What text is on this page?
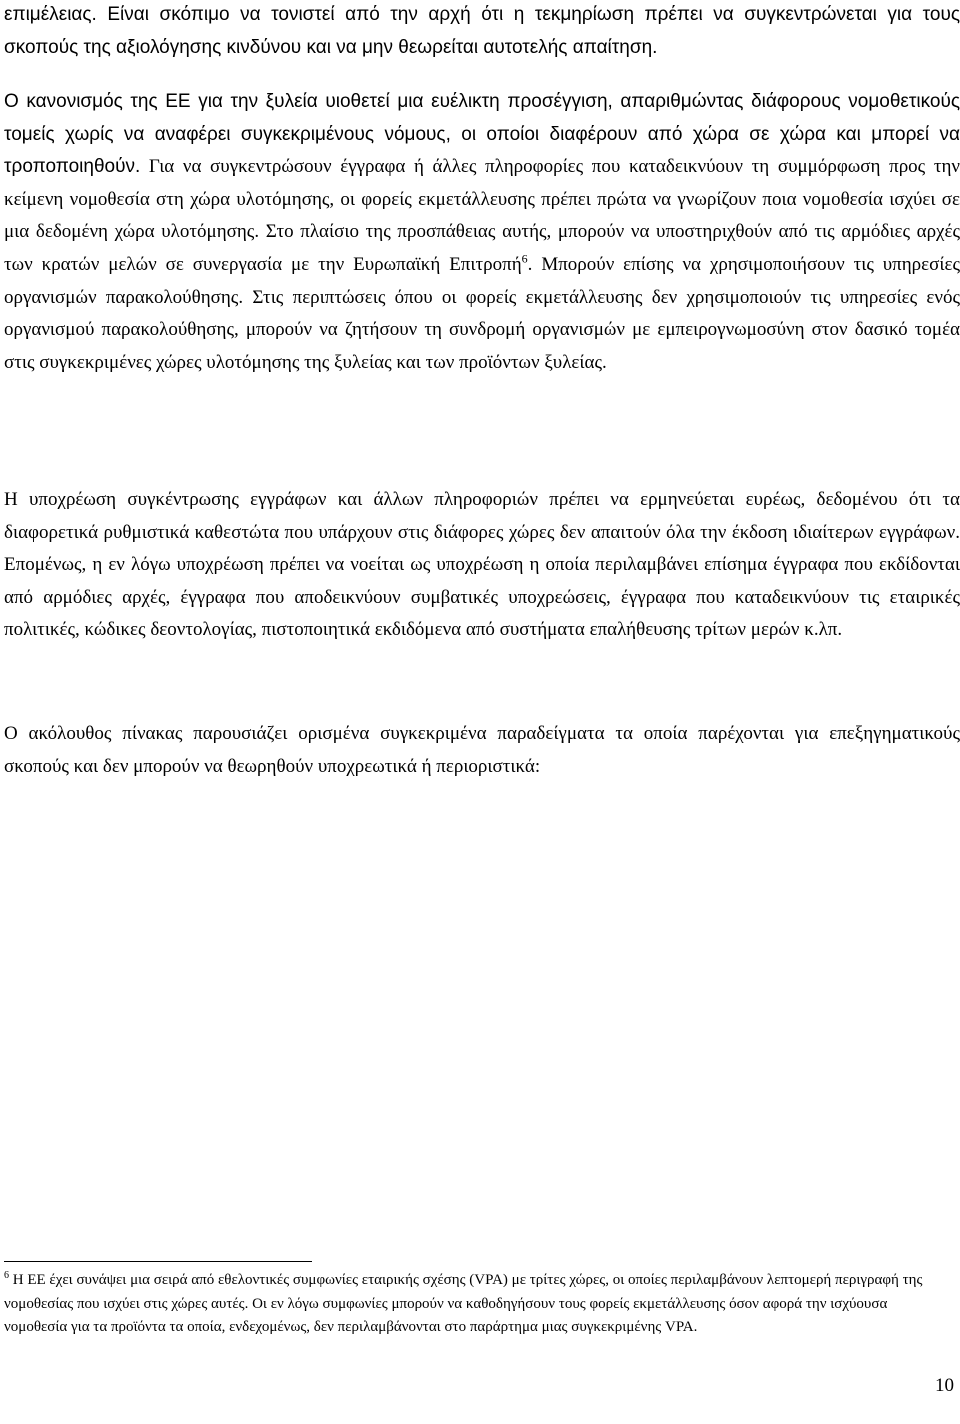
επιμέλειας. Είναι σκόπιμο να τονιστεί από την αρχή ότι η τεκμηρίωση πρέπει να συγκεντρώνεται για τους σκοπούς της αξιολόγησης κινδύνου και να μην θεωρείται αυτοτελής απαίτηση.

Ο κανονισμός της ΕΕ για την ξυλεία υιοθετεί μια ευέλικτη προσέγγιση, απαριθμώντας διάφορους νομοθετικούς τομείς χωρίς να αναφέρει συγκεκριμένους νόμους, οι οποίοι διαφέρουν από χώρα σε χώρα και μπορεί να τροποποιηθούν. Για να συγκεντρώσουν έγγραφα ή άλλες πληροφορίες που καταδεικνύουν τη συμμόρφωση προς την κείμενη νομοθεσία στη χώρα υλοτόμησης, οι φορείς εκμετάλλευσης πρέπει πρώτα να γνωρίζουν ποια νομοθεσία ισχύει σε μια δεδομένη χώρα υλοτόμησης. Στο πλαίσιο της προσπάθειας αυτής, μπορούν να υποστηριχθούν από τις αρμόδιες αρχές των κρατών μελών σε συνεργασία με την Ευρωπαϊκή Επιτροπή$^6$. Μπορούν επίσης να χρησιμοποιήσουν τις υπηρεσίες οργανισμών παρακολούθησης. Στις περιπτώσεις όπου οι φορείς εκμετάλλευσης δεν χρησιμοποιούν τις υπηρεσίες ενός οργανισμού παρακολούθησης, μπορούν να ζητήσουν τη συνδρομή οργανισμών με εμπειρογνωμοσύνη στον δασικό τομέα στις συγκεκριμένες χώρες υλοτόμησης της ξυλείας και των προϊόντων ξυλείας.

Η υποχρέωση συγκέντρωσης εγγράφων και άλλων πληροφοριών πρέπει να ερμηνεύεται ευρέως, δεδομένου ότι τα διαφορετικά ρυθμιστικά καθεστώτα που υπάρχουν στις διάφορες χώρες δεν απαιτούν όλα την έκδοση ιδιαίτερων εγγράφων. Επομένως, η εν λόγω υποχρέωση πρέπει να νοείται ως υποχρέωση η οποία περιλαμβάνει επίσημα έγγραφα που εκδίδονται από αρμόδιες αρχές, έγγραφα που αποδεικνύουν συμβατικές υποχρεώσεις, έγγραφα που καταδεικνύουν τις εταιρικές πολιτικές, κώδικες δεοντολογίας, πιστοποιητικά εκδιδόμενα από συστήματα επαλήθευσης τρίτων μερών κ.λπ.

Ο ακόλουθος πίνακας παρουσιάζει ορισμένα συγκεκριμένα παραδείγματα τα οποία παρέχονται για επεξηγηματικούς σκοπούς και δεν μπορούν να θεωρηθούν υποχρεωτικά ή περιοριστικά:

$^6$ Η ΕΕ έχει συνάψει μια σειρά από εθελοντικές συμφωνίες εταιρικής σχέσης (VPA) με τρίτες χώρες, οι οποίες περιλαμβάνουν λεπτομερή περιγραφή της νομοθεσίας που ισχύει στις χώρες αυτές. Οι εν λόγω συμφωνίες μπορούν να καθοδηγήσουν τους φορείς εκμετάλλευσης όσον αφορά την ισχύουσα νομοθεσία για τα προϊόντα τα οποία, ενδεχομένως, δεν περιλαμβάνονται στο παράρτημα μιας συγκεκριμένης VPA.

10
